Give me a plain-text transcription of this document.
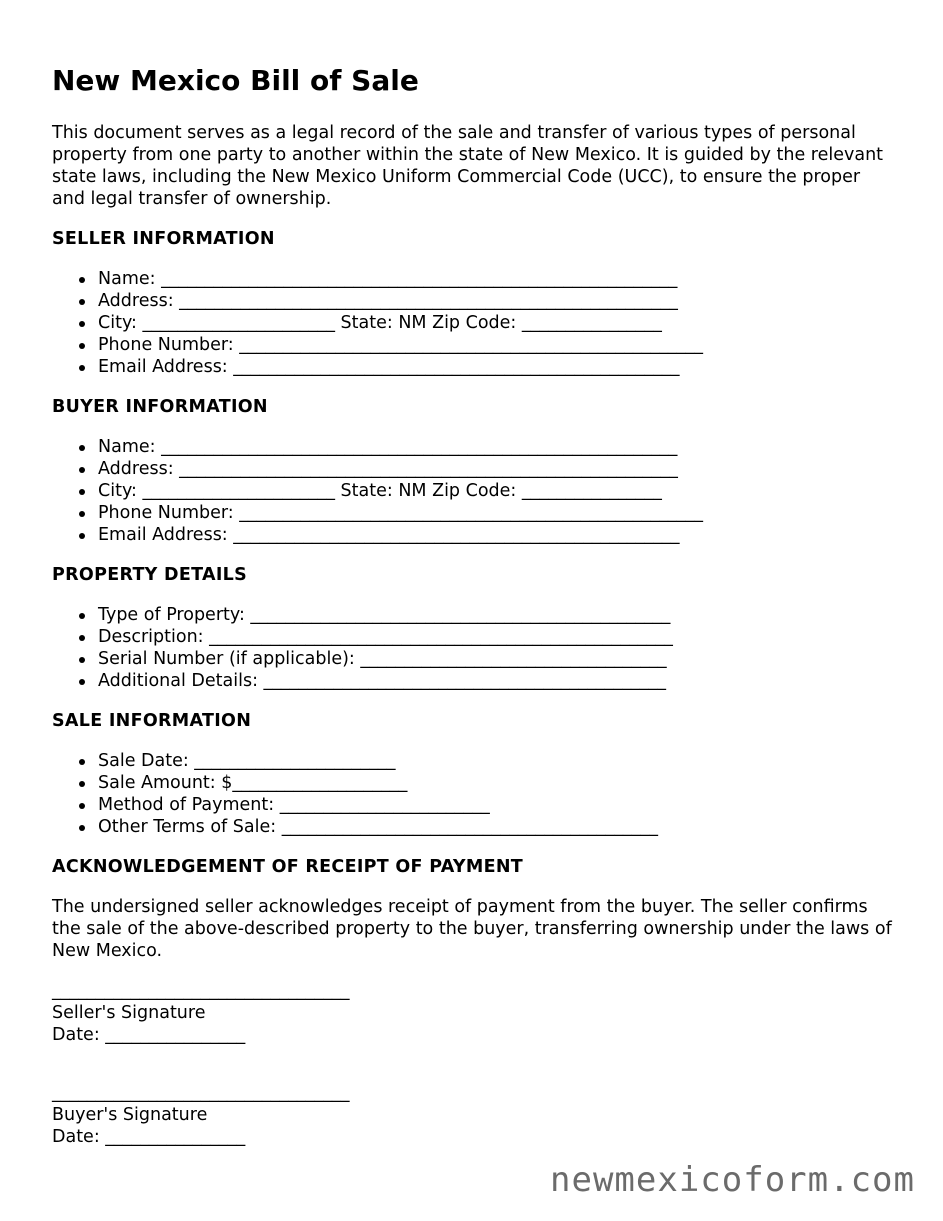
New Mexico Bill of Sale

This document serves as a legal record of the sale and transfer of various types of personal property from one party to another within the state of New Mexico. It is guided by the relevant state laws, including the New Mexico Uniform Commercial Code (UCC), to ensure the proper and legal transfer of ownership.

SELLER INFORMATION
Name: ___________________________________________________________
Address: _________________________________________________________
City: ______________________ State: NM Zip Code: ________________
Phone Number: _____________________________________________________
Email Address: ___________________________________________________
BUYER INFORMATION
Name: ___________________________________________________________
Address: _________________________________________________________
City: ______________________ State: NM Zip Code: ________________
Phone Number: _____________________________________________________
Email Address: ___________________________________________________
PROPERTY DETAILS
Type of Property: ________________________________________________
Description: _____________________________________________________
Serial Number (if applicable): ___________________________________
Additional Details: ______________________________________________
SALE INFORMATION
Sale Date: _______________________
Sale Amount: $____________________
Method of Payment: ________________________
Other Terms of Sale: ___________________________________________
ACKNOWLEDGEMENT OF RECEIPT OF PAYMENT

The undersigned seller acknowledges receipt of payment from the buyer. The seller confirms the sale of the above-described property to the buyer, transferring ownership under the laws of New Mexico.

__________________________________
Seller's Signature
Date: ________________
__________________________________
Buyer's Signature
Date: ________________
newmexicoform.com
